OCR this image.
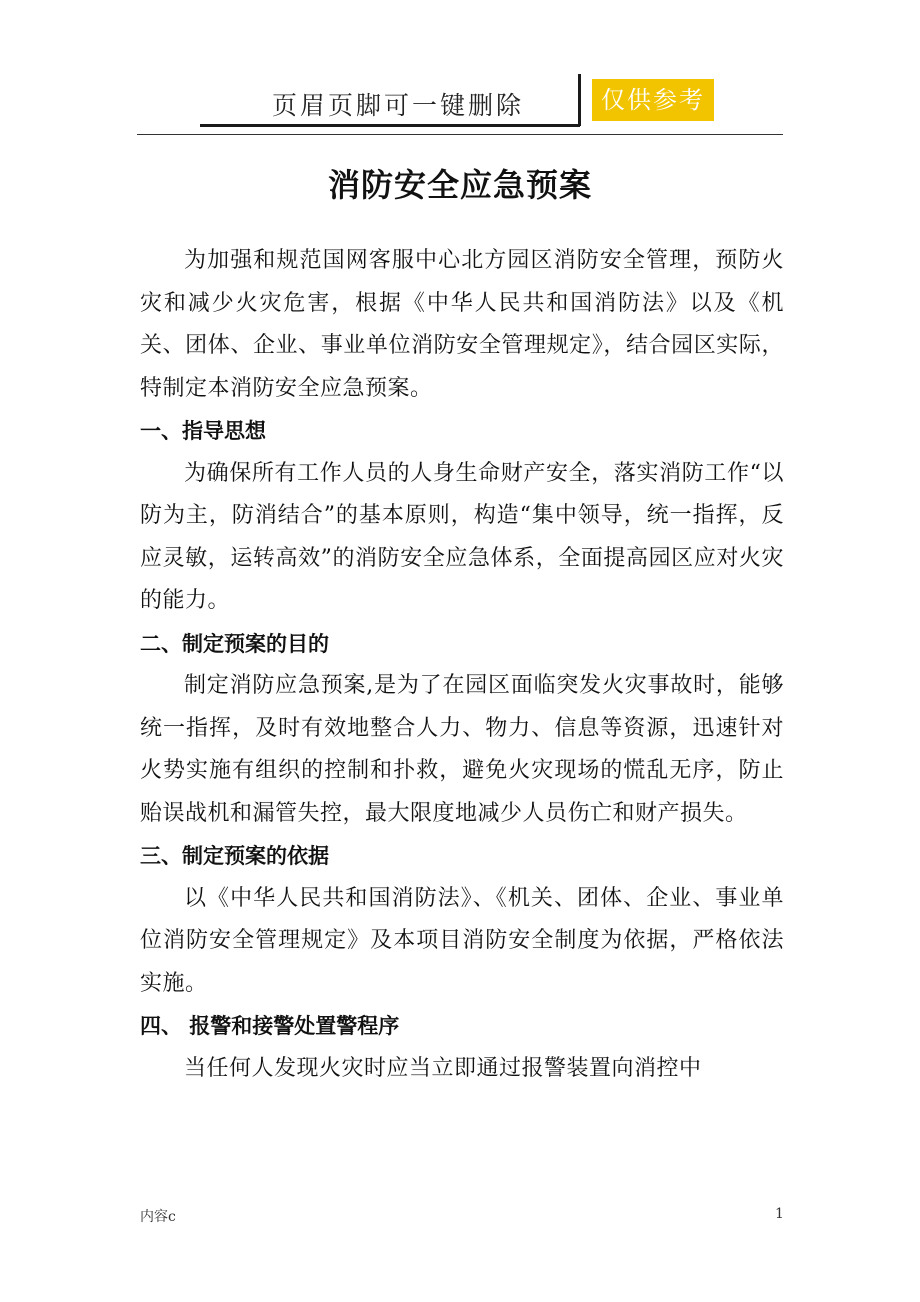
页眉页脚可一键删除	仅供参考
消防安全应急预案

为加强和规范国网客服中心北方园区消防安全管理，预防火灾和减少火灾危害，根据《中华人民共和国消防法》以及《机关、团体、企业、事业单位消防安全管理规定》，结合园区实际，特制定本消防安全应急预案。

一、指导思想

为确保所有工作人员的人身生命财产安全，落实消防工作“以防为主，防消结合”的基本原则，构造“集中领导，统一指挥，反应灵敏，运转高效”的消防安全应急体系，全面提高园区应对火灾的能力。

二、制定预案的目的

制定消防应急预案,是为了在园区面临突发火灾事故时，能够统一指挥，及时有效地整合人力、物力、信息等资源，迅速针对火势实施有组织的控制和扑救，避免火灾现场的慌乱无序，防止贻误战机和漏管失控，最大限度地减少人员伤亡和财产损失。

三、制定预案的依据

以《中华人民共和国消防法》、《机关、团体、企业、事业单位消防安全管理规定》及本项目消防安全制度为依据，严格依法实施。

四、 报警和接警处置警程序

当任何人发现火灾时应当立即通过报警装置向消控中

内容c	1
